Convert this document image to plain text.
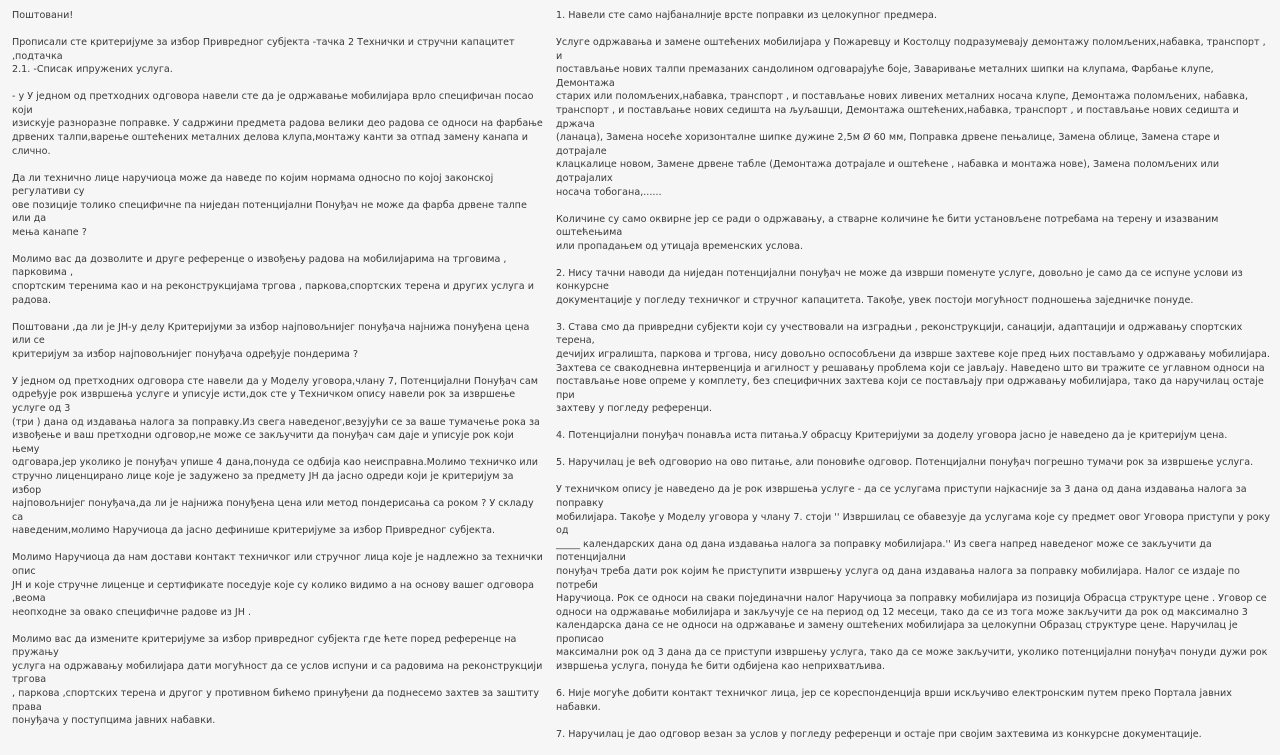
Поштовани!

Прописали сте критеријуме за избор Привредног субјекта -тачка 2 Технички и стручни капацитет ,подтачка
2.1. -Списак ипружених услуга.

- у У једном од претходних одговора навели сте да је одржавање мобилијара врло специфичан посао који
изискује разноразне поправке. У садржини предмета радова велики део радова се односи на фарбање
дрвених талпи,варење оштећених металних делова клупа,монтажу канти за отпад замену канапа и слично.

Да ли технично лице наручиоца може да наведе по којим нормама односно по којој законској регулативи су
ове позиције толико специфичне па нијeдан потенцијални Понуђач не може да фарба дрвене талпе или да
мења канапе ?

Молимо вас да дозволите и друге референце о извођењу радова на мобилијарима на трговима , парковима ,
спортским теренима као и на реконструкцијама тргова , паркова,спортских терена и других услуга и радова.

Поштовани ,да ли је ЈН-у делу Критеријуми за избор најповољнијег понуђача најнижа понуђена цена или се
критеријум за избор најповољнијег понуђача одређује пондерима ?

У једном од претходних одговора сте навели да у Моделу уговора,члану 7, Потенцијални Понуђач сам
одређује рок извршења услуге и уписује исти,док сте у Техничком опису навели рок за извршење услуге од 3
(три ) дана од издавања налога за поправку.Из свега наведеног,везујући се за ваше тумачење рока за
извођење и ваш претходни одговор,не може се закључити да понуђач сам даје и уписује рок који њему
одговара,јер уколико је понуђач упише 4 дана,понуда се одбија као неисправна.Молимо техничко или
стручно лиценцирано лице које је задужено за предмету ЈН да јасно одреди који је критеријум за избор
најповољнијег понуђача,да ли је најнижа понуђена цена или метод пондерисања са роком ? У складу са
наведеним,молимо Наручиоца да јасно дефинише критеријуме за избор Привредног субјекта.

Молимо Наручиоца да нам достави контакт техничког или стручног лица које је надлежно за технички опис
ЈН и које стручне лиценце и сертификате поседује које су колико видимо а на основу вашег одговора ,веома
неопходне за овако специфичне радове из ЈН .

Молимо вас да измените критеријуме за избор привредног субјекта где ћете поред референце на пружању
услуга на одржавању мобилијара дати могућност да се услов испуни и са радовима на реконструкцији тргова
, паркова ,спортских терена и другог у противном бићемо принуђени да поднесемо захтев за заштиту права
понуђача у поступцима јавних набавки.

1. Навели сте само најбаналније врсте поправки из целокупног предмера.

Услуге одржавања и замене оштећених мобилијара у Пожаревцу и Костолцу подразумевају демонтажу поломљених,набавка, транспорт , и
постављање нових талпи премазаних сандолином одговарајуће боје, Заваривање металних шипки на клупама, Фарбање клупе, Демонтажа
старих или поломљених,набавка, транспорт , и постављање нових ливених металних носача клупе, Демонтажа поломљених, набавка,
транспорт , и постављање нових седишта на љуљашци, Демонтажа оштећених,набавка, транспорт , и постављање нових седишта и држача
(ланаца), Замена носеће хоризонталне шипке дужине 2,5м Ø 60 мм, Поправка дрвене пењалице, Замена облице, Замена старе и дотрајале
клацкалице новом, Замене дрвене табле (Демонтажа дотрајале и оштећене , набавка и монтажа нове), Замена поломљених или дотрајалих
носача тобогана,......

Количине су само оквирне јер се ради о одржавању, а стварне количине ће бити установљене потребама на терену и изазваним оштећењима
или пропадањем од утицаја временских услова.

2. Нису тачни наводи да нијeдан потенцијални понуђач не може да изврши поменуте услуге, довољно је само да се испуне услови из конкурсне
документације у погледу техничког и стручног капацитета. Такође, увек постоји могућност подношења заједничке понуде.

3. Става смо да привредни субјекти који су учествовали на изградњи , реконструкцији, санацији, адаптацији и одржавању спортских терена,
дечијих игралишта, паркова и тргова, нису довољно оспособљени да изврше захтеве које пред њих постављамо у одржавању мобилијара.
Захтева се свакодневна интервенција и агилност у решавању проблема који се јављају. Наведено што ви тражите се углавном односи на
постављање нове опреме у комплету, без специфичних захтева који се постављају при одржавању мобилијара, тако да наручилац остаје при
захтеву у погледу референци.

4. Потенцијални понуђач понавља иста питања.У обрасцу Критеријуми за доделу уговора јасно је наведено да је критеријум цена.

5. Наручилац је већ одговорио на ово питање, али поновиће одговор. Потенцијални понуђач погрешно тумачи рок за извршење услуга.

У техничком опису је наведено да је рок извршења услуге - да се услугама приступи најкасније за 3 дана од дана издавања налога за поправку
мобилијара. Такође у Моделу уговора у члану 7. стоји '' Извршилац се обавезује да услугама које су предмет овог Уговора приступи у року од
_____ календарских дана од дана издавања налога за поправку мобилијара.'' Из свега напред наведеног може се закључити да потенцијални
понуђач треба дати рок којим ће приступити извршењу услуга од дана издавања налога за поправку мобилијара. Налог се издаје по потреби
Наручиоца. Рок се односи на сваки појединачни налог Наручиоца за поправку мобилијара из позиција Обрасца структуре цене . Уговор се
односи на одржавање мобилијара и закључује се на период од 12 месеци, тако да се из тога може закључити да рок од максимално 3
календарска дана се не односи на одржавање и замену оштећених мобилијара за целокупни Образац структуре цене. Наручилац је прописао
максимални рок од 3 дана да се приступи извршењу услуга, тако да се може закључити, уколико потенцијални понуђач понуди дужи рок
извршења услуга, понуда ће бити одбијена као неприхватљива.

6. Није могуће добити контакт техничког лица, јер се кореспонденција врши искључиво електронским путем преко Портала јавних набавки.

7. Наручилац је дао одговор везан за услов у погледу референци и остаје при својим захтевима из конкурсне документације.
